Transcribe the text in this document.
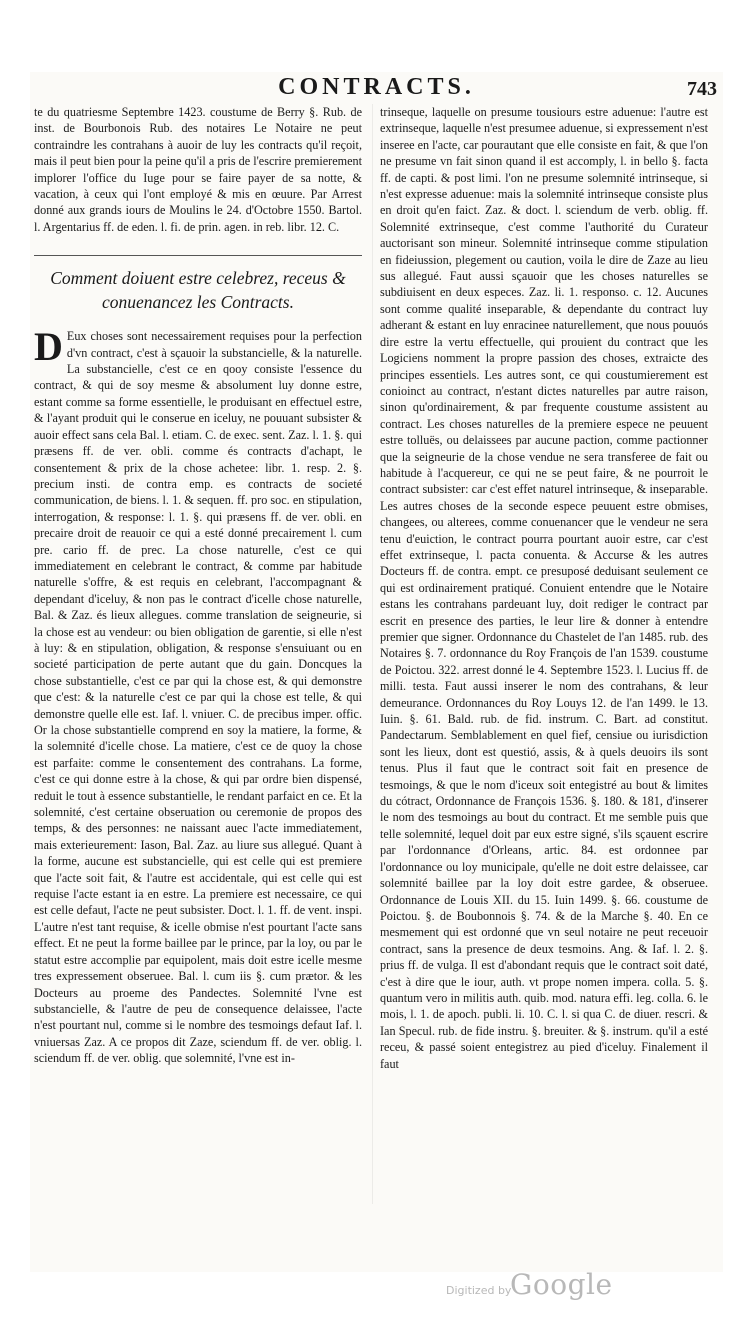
CONTRACTS.	743

te du quatriesme Septembre 1423. coustume de Berry §. Rub. de inst. de Bourbonois Rub. des notaires Le Notaire ne peut contraindre les contrahans à auoir de luy les contracts qu'il reçoit, mais il peut bien pour la peine qu'il a pris de l'escrire premierement implorer l'office du Iuge pour se faire payer de sa notte, & vacation, à ceux qui l'ont employé & mis en œuure. Par Arrest donné aux grands iours de Moulins le 24. d'Octobre 1550. Bartol. l. Argentarius ff. de eden. l. fi. de prin. agen. in reb. libr. 12. C.

Comment doiuent estre celebrez, receus & conuenancez les Contracts.

D Eux choses sont necessairement requises pour la perfection d'vn contract, c'est à sçauoir la substancielle, & la naturelle. La substancielle, c'est ce en qooy consiste l'essence du contract, & qui de soy mesme & absolument luy donne estre, estant comme sa forme essentielle, le produisant en effectuel estre, & l'ayant produit qui le conserue en iceluy, ne pouuant subsister & auoir effect sans cela Bal. l. etiam. C. de exec. sent. Zaz. l. 1. §. qui præsens ff. de ver. obli. comme és contracts d'achapt, le consentement & prix de la chose achetee: libr. 1. resp. 2. §. precium insti. de contra emp. es contracts de societé communication, de biens. l. 1. & sequen. ff. pro soc. en stipulation, interrogation, & response: l. 1. §. qui præsens ff. de ver. obli. en precaire droit de reauoir ce qui a esté donné precairement l. cum pre. cario ff. de prec. La chose naturelle, c'est ce qui immediatement en celebrant le contract, & comme par habitude naturelle s'offre, & est requis en celebrant, l'accompagnant & dependant d'iceluy, & non pas le contract d'icelle chose naturelle, Bal. & Zaz. és lieux allegues. comme translation de seigneurie, si la chose est au vendeur: ou bien obligation de garentie, si elle n'est à luy: & en stipulation, obligation, & response s'ensuiuant ou en societé participation de perte autant que du gain. Doncques la chose substantielle, c'est ce par qui la chose est, & qui demonstre que c'est: & la naturelle c'est ce par qui la chose est telle, & qui demonstre quelle elle est. Iaf. l. vniuer. C. de precibus imper. offic. Or la chose substantielle comprend en soy la matiere, la forme, & la solemnité d'icelle chose. La matiere, c'est ce de quoy la chose est parfaite: comme le consentement des contrahans. La forme, c'est ce qui donne estre à la chose, & qui par ordre bien dispensé, reduit le tout à essence substantielle, le rendant parfaict en ce. Et la solemnité, c'est certaine obseruation ou ceremonie de propos des temps, & des personnes: ne naissant auec l'acte immediatement, mais exterieurement: Iason, Bal. Zaz. au liure sus allegué. Quant à la forme, aucune est substancielle, qui est celle qui est premiere que l'acte soit fait, & l'autre est accidentale, qui est celle qui est requise l'acte estant ia en estre. La premiere est necessaire, ce qui est celle defaut, l'acte ne peut subsister. Doct. l. 1. ff. de vent. inspi. L'autre n'est tant requise, & icelle obmise n'est pourtant l'acte sans effect. Et ne peut la forme baillee par le prince, par la loy, ou par le statut estre accomplie par equipolent, mais doit estre icelle mesme tres expressement obseruee. Bal. l. cum iis §. cum prætor. & les Docteurs au proeme des Pandectes. Solemnité l'vne est substancielle, & l'autre de peu de consequence delaissee, l'acte n'est pourtant nul, comme si le nombre des tesmoings defaut Iaf. l. vniuersas Zaz. A ce propos dit Zaze, sciendum ff. de ver. oblig. l. sciendum ff. de ver. oblig. que solemnité, l'vne est in-

trinseque, laquelle on presume tousiours estre aduenue: l'autre est extrinseque, laquelle n'est presumee aduenue, si expressement n'est inseree en l'acte, car pourautant que elle consiste en fait, & que l'on ne presume vn fait sinon quand il est accomply, l. in bello §. facta ff. de capti. & post limi. l'on ne presume solemnité intrinseque, si n'est expresse aduenue: mais la solemnité intrinseque consiste plus en droit qu'en faict. Zaz. & doct. l. sciendum de verb. oblig. ff. Solemnité extrinseque, c'est comme l'authorité du Curateur auctorisant son mineur. Solemnité intrinseque comme stipulation en fideiussion, plegement ou caution, voila le dire de Zaze au lieu sus allegué. Faut aussi sçauoir que les choses naturelles se subdiuisent en deux especes. Zaz. li. 1. responso. c. 12. Aucunes sont comme qualité inseparable, & dependante du contract luy adherant & estant en luy enracinee naturellement, que nous pouuós dire estre la vertu effectuelle, qui prouient du contract que les Logiciens nomment la propre passion des choses, extraicte des principes essentiels. Les autres sont, ce qui coustumierement est conioinct au contract, n'estant dictes naturelles par autre raison, sinon qu'ordinairement, & par frequente coustume assistent au contract. Les choses naturelles de la premiere espece ne peuuent estre tolluës, ou delaissees par aucune paction, comme pactionner que la seigneurie de la chose vendue ne sera transferee de fait ou habitude à l'acquereur, ce qui ne se peut faire, & ne pourroit le contract subsister: car c'est effet naturel intrinseque, & inseparable. Les autres choses de la seconde espece peuuent estre obmises, changees, ou alterees, comme conuenancer que le vendeur ne sera tenu d'euiction, le contract pourra pourtant auoir estre, car c'est effet extrinseque, l. pacta conuenta. & Accurse & les autres Docteurs ff. de contra. empt. ce presuposé deduisant seulement ce qui est ordinairement pratiqué. Conuient entendre que le Notaire estans les contrahans pardeuant luy, doit rediger le contract par escrit en presence des parties, le leur lire & donner à entendre premier que signer. Ordonnance du Chastelet de l'an 1485. rub. des Notaires §. 7. ordonnance du Roy François de l'an 1539. coustume de Poictou. 322. arrest donné le 4. Septembre 1523. l. Lucius ff. de milli. testa. Faut aussi inserer le nom des contrahans, & leur demeurance. Ordonnances du Roy Louys 12. de l'an 1499. le 13. Iuin. §. 61. Bald. rub. de fid. instrum. C. Bart. ad constitut. Pandectarum. Semblablement en quel fief, censiue ou iurisdiction sont les lieux, dont est questió, assis, & à quels deuoirs ils sont tenus. Plus il faut que le contract soit fait en presence de tesmoings, & que le nom d'iceux soit entegistré au bout & limites du cótract, Ordonnance de François 1536. §. 180. & 181, d'inserer le nom des tesmoings au bout du contract. Et me semble puis que telle solemnité, lequel doit par eux estre signé, s'ils sçauent escrire par l'ordonnance d'Orleans, artic. 84. est ordonnee par l'ordonnance ou loy municipale, qu'elle ne doit estre delaissee, car solemnité baillee par la loy doit estre gardee, & obseruee. Ordonnance de Louis XII. du 15. Iuin 1499. §. 66. coustume de Poictou. §. de Boubonnois §. 74. & de la Marche §. 40. En ce mesmement qui est ordonné que vn seul notaire ne peut receuoir contract, sans la presence de deux tesmoins. Ang. & Iaf. l. 2. §. prius ff. de vulga. Il est d'abondant requis que le contract soit daté, c'est à dire que le iour, auth. vt prope nomen impera. colla. 5. §. quantum vero in militis auth. quib. mod. natura effi. leg. colla. 6. le mois, l. 1. de apoch. publi. li. 10. C. l. si qua C. de diuer. rescri. & Ian Specul. rub. de fide instru. §. breuiter. & §. instrum. qu'il a esté receu, & passé soient entegistrez au pied d'iceluy. Finalement il faut

Digitized by
Google
